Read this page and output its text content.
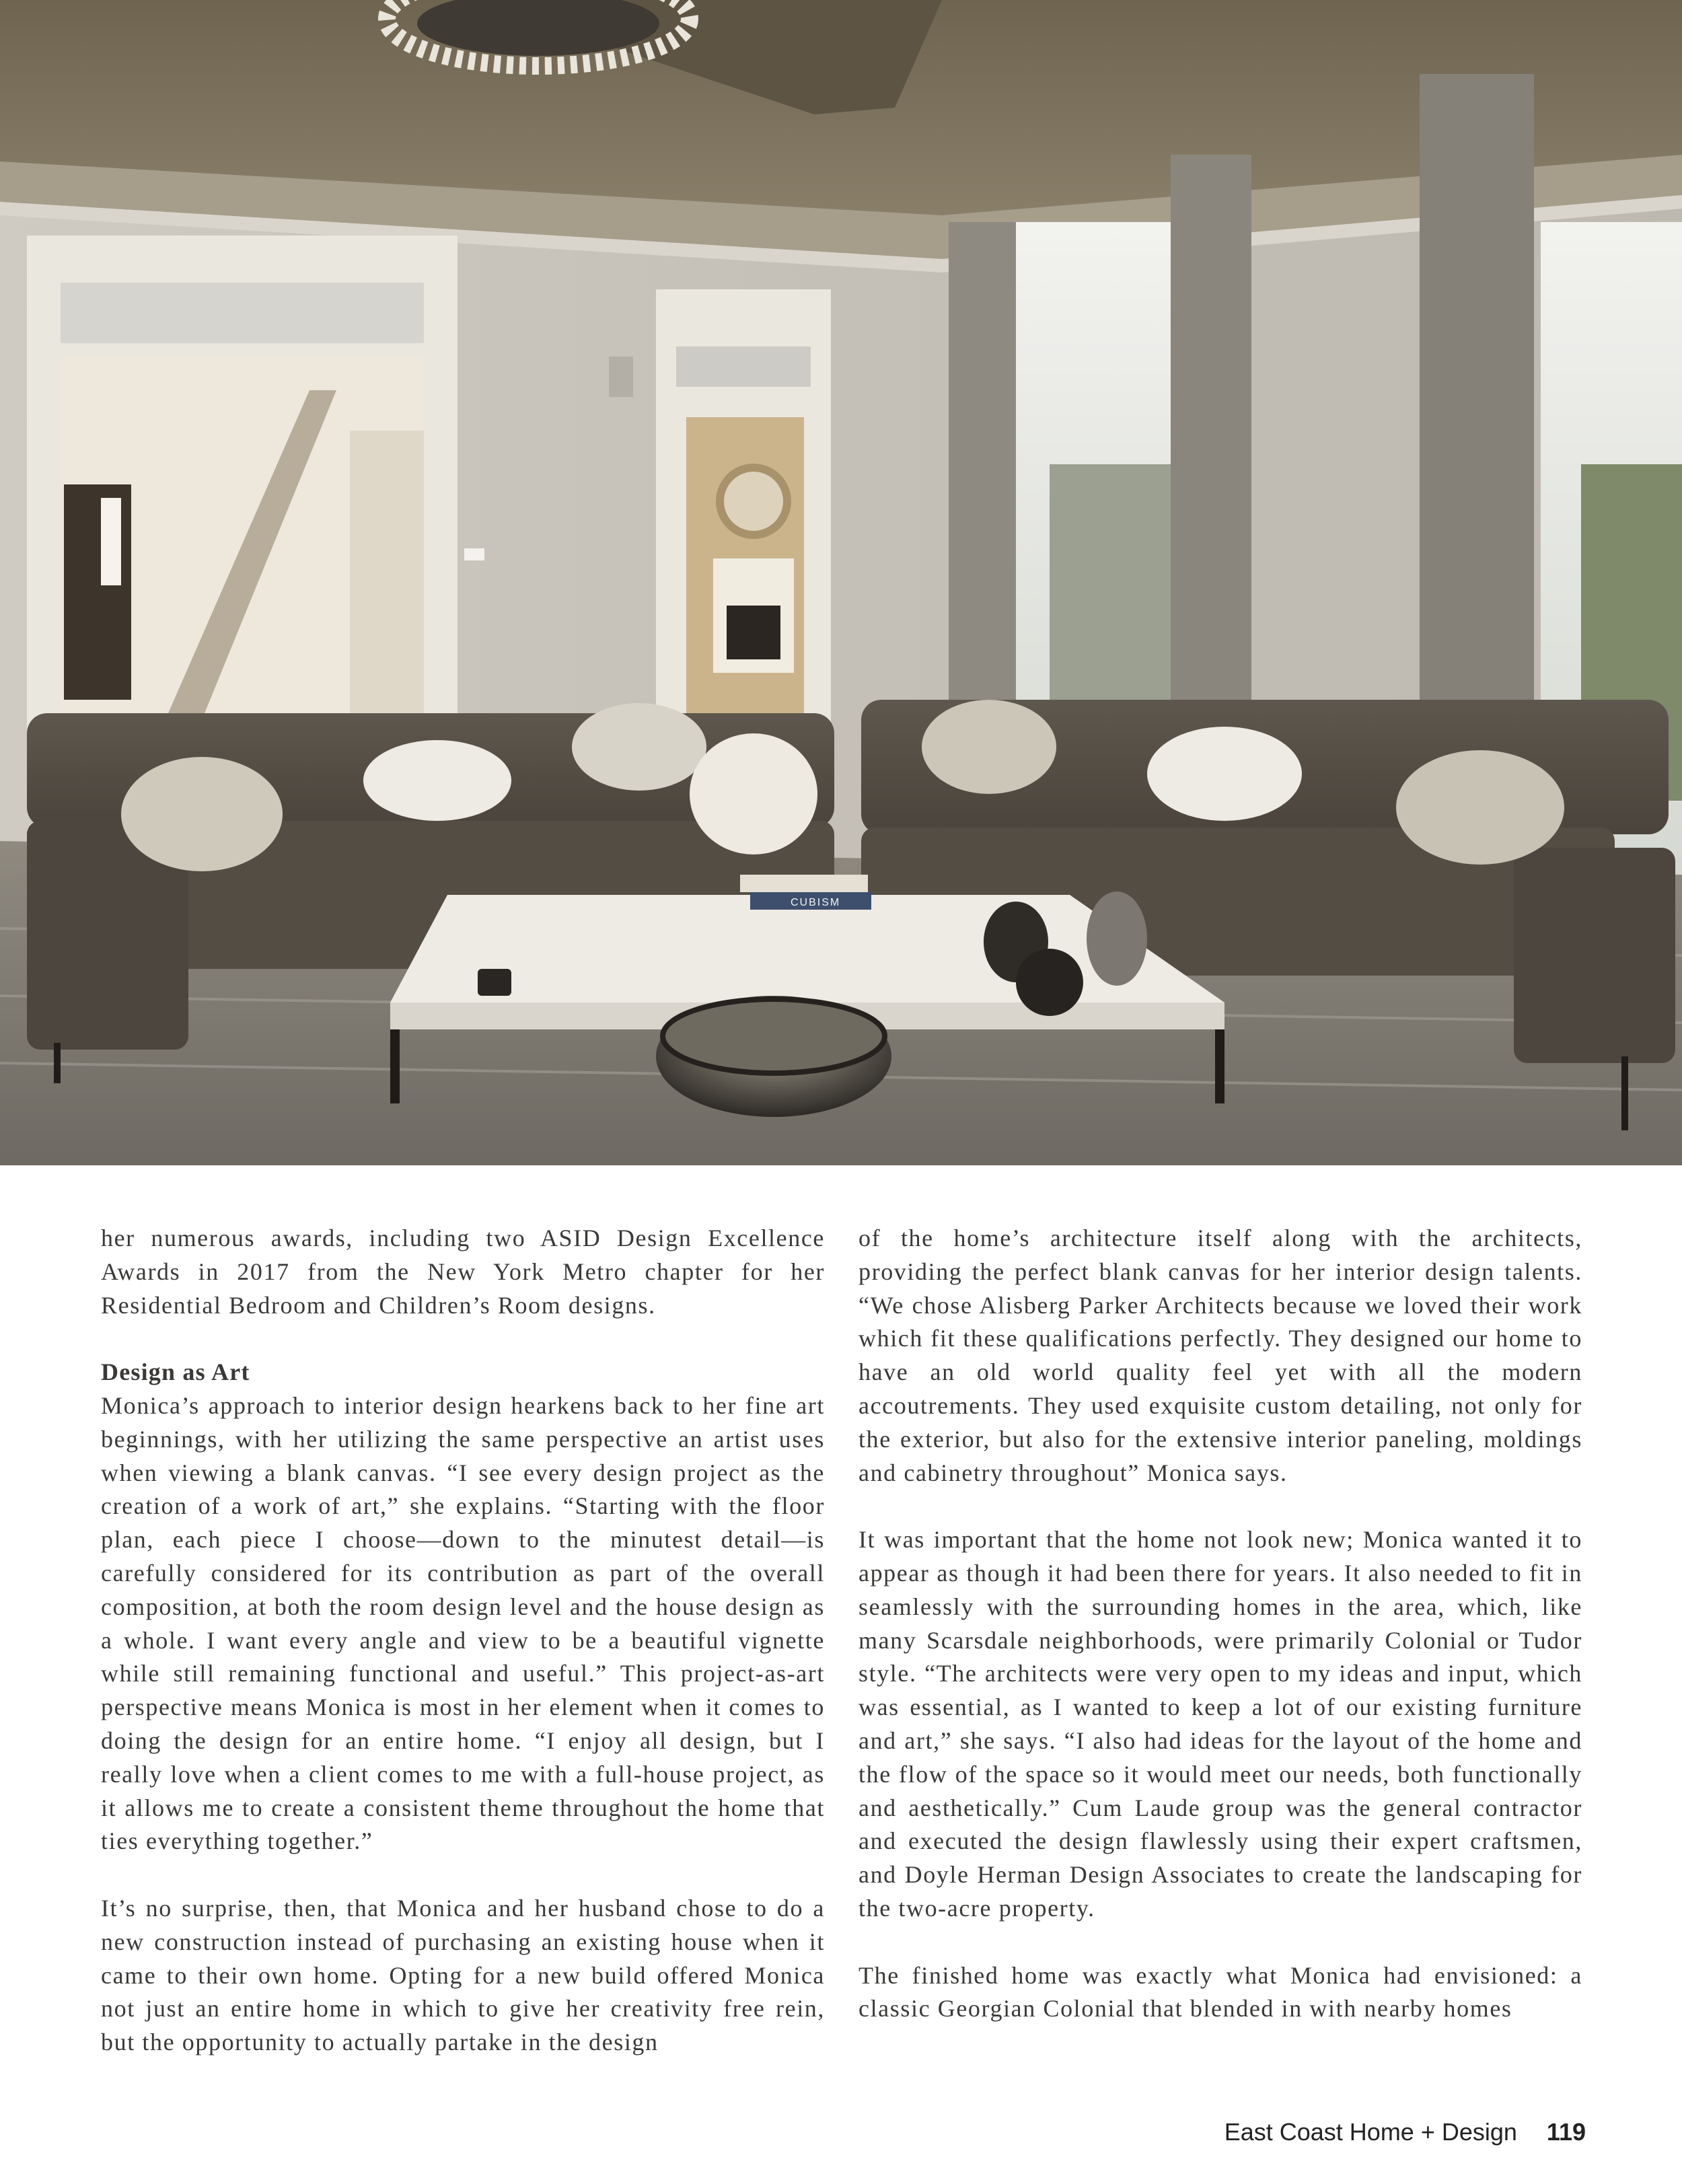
CUBISM

her numerous awards, including two ASID Design Excellence Awards in 2017 from the New York Metro chapter for her Residential Bedroom and Children’s Room designs.

Design as Art
Monica’s approach to interior design hearkens back to her fine art beginnings, with her utilizing the same perspective an artist uses when viewing a blank canvas. “I see every design project as the creation of a work of art,” she explains. “Starting with the floor plan, each piece I choose—down to the minutest detail—is carefully considered for its contribution as part of the overall composition, at both the room design level and the house design as a whole. I want every angle and view to be a beautiful vignette while still remaining functional and useful.” This project-as-art perspective means Monica is most in her element when it comes to doing the design for an entire home. “I enjoy all design, but I really love when a client comes to me with a full-house project, as it allows me to create a consistent theme throughout the home that ties everything together.”

It’s no surprise, then, that Monica and her husband chose to do a new construction instead of purchasing an existing house when it came to their own home. Opting for a new build offered Monica not just an entire home in which to give her creativity free rein, but the opportunity to actually partake in the design

of the home’s architecture itself along with the architects, providing the perfect blank canvas for her interior design talents. “We chose Alisberg Parker Architects because we loved their work which fit these qualifications perfectly. They designed our home to have an old world quality feel yet with all the modern accoutrements. They used exquisite custom detailing, not only for the exterior, but also for the extensive interior paneling, moldings and cabinetry throughout” Monica says.

It was important that the home not look new; Monica wanted it to appear as though it had been there for years. It also needed to fit in seamlessly with the surrounding homes in the area, which, like many Scarsdale neighborhoods, were primarily Colonial or Tudor style. “The architects were very open to my ideas and input, which was essential, as I wanted to keep a lot of our existing furniture and art,” she says. “I also had ideas for the layout of the home and the flow of the space so it would meet our needs, both functionally and aesthetically.” Cum Laude group was the general contractor and executed the design flawlessly using their expert craftsmen, and Doyle Herman Design Associates to create the landscaping for the two-acre property.

The finished home was exactly what Monica had envisioned: a classic Georgian Colonial that blended in with nearby homes

East Coast Home + Design 119
